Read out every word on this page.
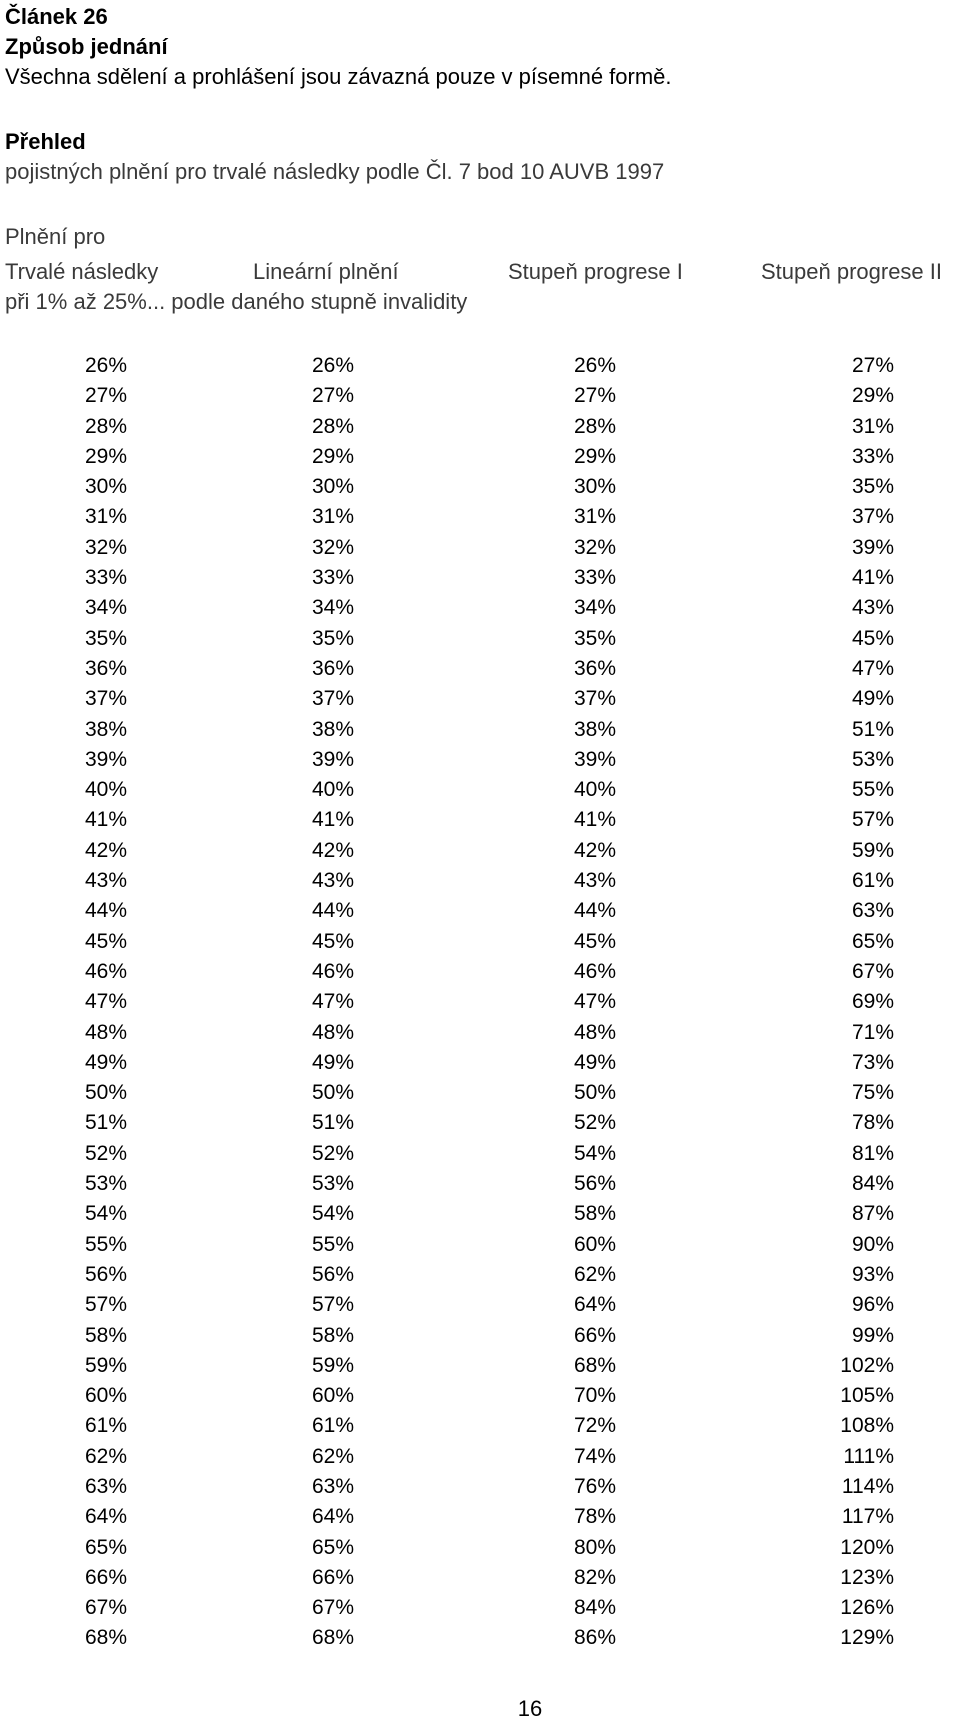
Článek 26
Způsob jednání
Všechna sdělení a prohlášení jsou závazná pouze v písemné formě.
Přehled
pojistných plnění pro trvalé následky podle Čl. 7 bod 10 AUVB 1997
Plnění pro
Trvalé následky	Lineární plnění	Stupeň progrese I	Stupeň progrese II
při 1% až 25%... podle daného stupně invalidity
26%	26%	26%	27%
27%	27%	27%	29%
28%	28%	28%	31%
29%	29%	29%	33%
30%	30%	30%	35%
31%	31%	31%	37%
32%	32%	32%	39%
33%	33%	33%	41%
34%	34%	34%	43%
35%	35%	35%	45%
36%	36%	36%	47%
37%	37%	37%	49%
38%	38%	38%	51%
39%	39%	39%	53%
40%	40%	40%	55%
41%	41%	41%	57%
42%	42%	42%	59%
43%	43%	43%	61%
44%	44%	44%	63%
45%	45%	45%	65%
46%	46%	46%	67%
47%	47%	47%	69%
48%	48%	48%	71%
49%	49%	49%	73%
50%	50%	50%	75%
51%	51%	52%	78%
52%	52%	54%	81%
53%	53%	56%	84%
54%	54%	58%	87%
55%	55%	60%	90%
56%	56%	62%	93%
57%	57%	64%	96%
58%	58%	66%	99%
59%	59%	68%	102%
60%	60%	70%	105%
61%	61%	72%	108%
62%	62%	74%	111%
63%	63%	76%	114%
64%	64%	78%	117%
65%	65%	80%	120%
66%	66%	82%	123%
67%	67%	84%	126%
68%	68%	86%	129%
16
